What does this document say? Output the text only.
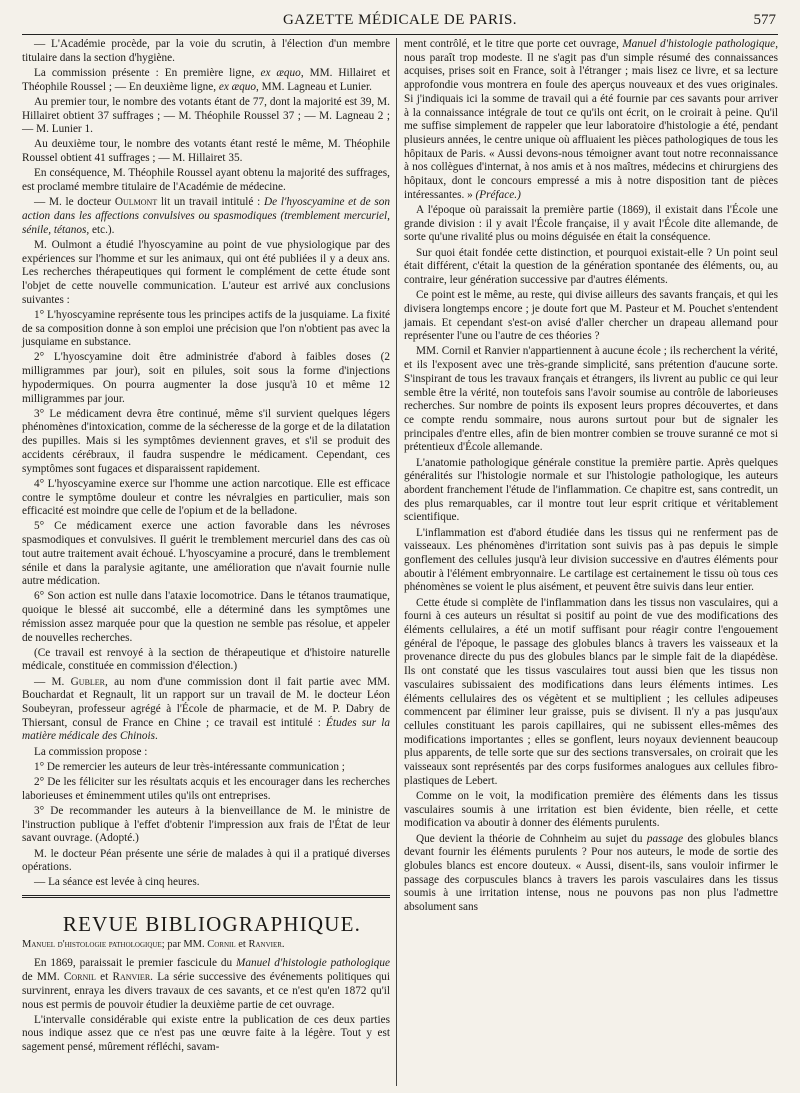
GAZETTE MÉDICALE DE PARIS.	577

— L'Académie procède, par la voie du scrutin, à l'élection d'un membre titulaire dans la section d'hygiène.

La commission présente : En première ligne, ex æquo, MM. Hillairet et Théophile Roussel ; — En deuxième ligne, ex æquo, MM. Lagneau et Lunier.

Au premier tour, le nombre des votants étant de 77, dont la majorité est 39, M. Hillairet obtient 37 suffrages ; — M. Théophile Roussel 37 ; — M. Lagneau 2 ; — M. Lunier 1.

Au deuxième tour, le nombre des votants étant resté le même, M. Théophile Roussel obtient 41 suffrages ; — M. Hillairet 35.

En conséquence, M. Théophile Roussel ayant obtenu la majorité des suffrages, est proclamé membre titulaire de l'Académie de médecine.

— M. le docteur Oulmont lit un travail intitulé : De l'hyoscyamine et de son action dans les affections convulsives ou spasmodiques (tremblement mercuriel, sénile, tétanos, etc.).

M. Oulmont a étudié l'hyoscyamine au point de vue physiologique par des expériences sur l'homme et sur les animaux, qui ont été publiées il y a deux ans. Les recherches thérapeutiques qui forment le complément de cette étude sont l'objet de cette nouvelle communication. L'auteur est arrivé aux conclusions suivantes :

1° L'hyoscyamine représente tous les principes actifs de la jusquiame. La fixité de sa composition donne à son emploi une précision que l'on n'obtient pas avec la jusquiame en substance.

2° L'hyoscyamine doit être administrée d'abord à faibles doses (2 milligrammes par jour), soit en pilules, soit sous la forme d'injections hypodermiques. On pourra augmenter la dose jusqu'à 10 et même 12 milligrammes par jour.

3° Le médicament devra être continué, même s'il survient quelques légers phénomènes d'intoxication, comme de la sécheresse de la gorge et de la dilatation des pupilles. Mais si les symptômes deviennent graves, et s'il se produit des accidents cérébraux, il faudra suspendre le médicament. Cependant, ces symptômes sont fugaces et disparaissent rapidement.

4° L'hyoscyamine exerce sur l'homme une action narcotique. Elle est efficace contre le symptôme douleur et contre les névralgies en particulier, mais son efficacité est moindre que celle de l'opium et de la belladone.

5° Ce médicament exerce une action favorable dans les névroses spasmodiques et convulsives. Il guérit le tremblement mercuriel dans des cas où tout autre traitement avait échoué. L'hyoscyamine a procuré, dans le tremblement sénile et dans la paralysie agitante, une amélioration que n'avait fournie nulle autre médication.

6° Son action est nulle dans l'ataxie locomotrice. Dans le tétanos traumatique, quoique le blessé ait succombé, elle a déterminé dans les symptômes une rémission assez marquée pour que la question ne semble pas résolue, et appeler de nouvelles recherches.

(Ce travail est renvoyé à la section de thérapeutique et d'histoire naturelle médicale, constituée en commission d'élection.)

— M. Gubler, au nom d'une commission dont il fait partie avec MM. Bouchardat et Regnault, lit un rapport sur un travail de M. le docteur Léon Soubeyran, professeur agrégé à l'École de pharmacie, et de M. P. Dabry de Thiersant, consul de France en Chine ; ce travail est intitulé : Études sur la matière médicale des Chinois.

La commission propose :

1° De remercier les auteurs de leur très-intéressante communication ;

2° De les féliciter sur les résultats acquis et les encourager dans les recherches laborieuses et éminemment utiles qu'ils ont entreprises.

3° De recommander les auteurs à la bienveillance de M. le ministre de l'instruction publique à l'effet d'obtenir l'impression aux frais de l'État de leur savant ouvrage. (Adopté.)

M. le docteur Péan présente une série de malades à qui il a pratiqué diverses opérations.

— La séance est levée à cinq heures.

REVUE BIBLIOGRAPHIQUE.

Manuel d'histologie pathologique; par MM. Cornil et Ranvier.

En 1869, paraissait le premier fascicule du Manuel d'histologie pathologique de MM. Cornil et Ranvier. La série successive des événements politiques qui survinrent, enraya les divers travaux de ces savants, et ce n'est qu'en 1872 qu'il nous est permis de pouvoir étudier la deuxième partie de cet ouvrage.

L'intervalle considérable qui existe entre la publication de ces deux parties nous indique assez que ce n'est pas une œuvre faite à la légère. Tout y est sagement pensé, mûrement réfléchi, savam-

ment contrôlé, et le titre que porte cet ouvrage, Manuel d'histologie pathologique, nous paraît trop modeste. Il ne s'agit pas d'un simple résumé des connaissances acquises, prises soit en France, soit à l'étranger ; mais lisez ce livre, et sa lecture approfondie vous montrera en foule des aperçus nouveaux et des vues originales. Si j'indiquais ici la somme de travail qui a été fournie par ces savants pour arriver à la connaissance intégrale de tout ce qu'ils ont écrit, on le croirait à peine. Qu'il me suffise simplement de rappeler que leur laboratoire d'histologie a été, pendant plusieurs années, le centre unique où affluaient les pièces pathologiques de tous les hôpitaux de Paris. « Aussi devons-nous témoigner avant tout notre reconnaissance à nos collègues d'internat, à nos amis et à nos maîtres, médecins et chirurgiens des hôpitaux, dont le concours empressé a mis à notre disposition tant de pièces intéressantes. » (Préface.)

A l'époque où paraissait la première partie (1869), il existait dans l'École une grande division : il y avait l'École française, il y avait l'École dite allemande, de sorte qu'une rivalité plus ou moins déguisée en était la conséquence.

Sur quoi était fondée cette distinction, et pourquoi existait-elle ? Un point seul était différent, c'était la question de la génération spontanée des éléments, ou, au contraire, leur génération successive par d'autres éléments.

Ce point est le même, au reste, qui divise ailleurs des savants français, et qui les divisera longtemps encore ; je doute fort que M. Pasteur et M. Pouchet s'entendent jamais. Et cependant s'est-on avisé d'aller chercher un drapeau allemand pour représenter l'une ou l'autre de ces théories ?

MM. Cornil et Ranvier n'appartiennent à aucune école ; ils recherchent la vérité, et ils l'exposent avec une très-grande simplicité, sans prétention d'aucune sorte. S'inspirant de tous les travaux français et étrangers, ils livrent au public ce qui leur semble être la vérité, non toutefois sans l'avoir soumise au contrôle de laborieuses recherches. Sur nombre de points ils exposent leurs propres découvertes, et dans ce compte rendu sommaire, nous aurons surtout pour but de signaler les principales d'entre elles, afin de bien montrer combien se trouve suranné ce mot si prétentieux d'École allemande.

L'anatomie pathologique générale constitue la première partie. Après quelques généralités sur l'histologie normale et sur l'histologie pathologique, les auteurs abordent franchement l'étude de l'inflammation. Ce chapitre est, sans contredit, un des plus remarquables, car il montre tout leur esprit critique et véritablement scientifique.

L'inflammation est d'abord étudiée dans les tissus qui ne renferment pas de vaisseaux. Les phénomènes d'irritation sont suivis pas à pas depuis le simple gonflement des cellules jusqu'à leur division successive en d'autres éléments pour aboutir à l'élément embryonnaire. Le cartilage est certainement le tissu où tous ces phénomènes se voient le plus aisément, et peuvent être suivis dans leur entier.

Cette étude si complète de l'inflammation dans les tissus non vasculaires, qui a fourni à ces auteurs un résultat si positif au point de vue des modifications des éléments cellulaires, a été un motif suffisant pour réagir contre l'engouement général de l'époque, le passage des globules blancs à travers les vaisseaux et la provenance directe du pus des globules blancs par le simple fait de la diapédèse. Ils ont constaté que les tissus vasculaires tout aussi bien que les tissus non vasculaires subissaient des modifications dans leurs éléments intimes. Les éléments cellulaires des os végètent et se multiplient ; les cellules adipeuses commencent par éliminer leur graisse, puis se divisent. Il n'y a pas jusqu'aux cellules constituant les parois capillaires, qui ne subissent elles-mêmes des modifications importantes ; elles se gonflent, leurs noyaux deviennent beaucoup plus apparents, de telle sorte que sur des sections transversales, on croirait que les vaisseaux sont représentés par des corps fusiformes analogues aux cellules fibro-plastiques de Lebert.

Comme on le voit, la modification première des éléments dans les tissus vasculaires soumis à une irritation est bien évidente, bien réelle, et cette modification va aboutir à donner des éléments purulents.

Que devient la théorie de Cohnheim au sujet du passage des globules blancs devant fournir les éléments purulents ? Pour nos auteurs, le mode de sortie des globules blancs est encore douteux. « Aussi, disent-ils, sans vouloir infirmer le passage des corpuscules blancs à travers les parois vasculaires dans les tissus soumis à une irritation intense, nous ne pouvons pas non plus l'admettre absolument sans
